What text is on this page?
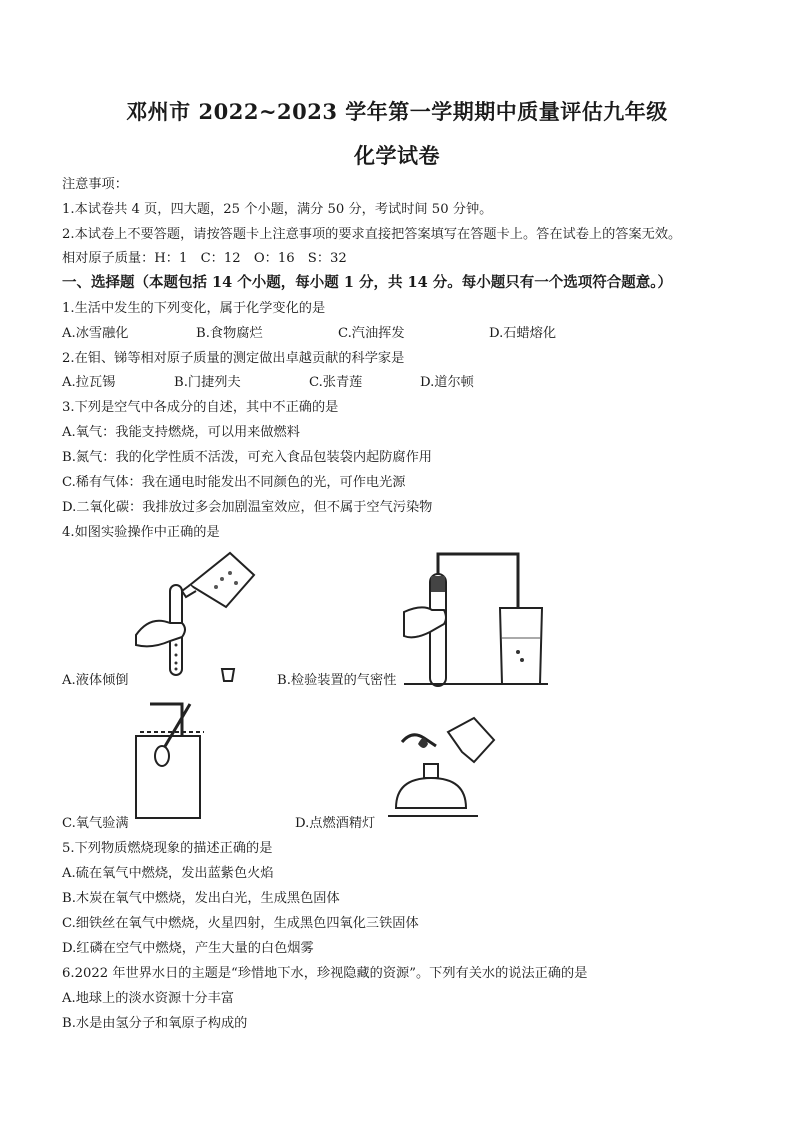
邓州市 2022~2023 学年第一学期期中质量评估九年级
化学试卷
注意事项：
1.本试卷共 4 页，四大题，25 个小题，满分 50 分，考试时间 50 分钟。
2.本试卷上不要答题，请按答题卡上注意事项的要求直接把答案填写在答题卡上。答在试卷上的答案无效。
相对原子质量：H：1　C：12　O：16　S：32
一、选择题（本题包括 14 个小题，每小题 1 分，共 14 分。每小题只有一个选项符合题意。）
1.生活中发生的下列变化，属于化学变化的是
A.冰雪融化	B.食物腐烂	C.汽油挥发	D.石蜡熔化
2.在钼、锑等相对原子质量的测定做出卓越贡献的科学家是
A.拉瓦锡	B.门捷列夫	C.张青莲	D.道尔顿
3.下列是空气中各成分的自述，其中不正确的是
A.氧气：我能支持燃烧，可以用来做燃料
B.氮气：我的化学性质不活泼，可充入食品包装袋内起防腐作用
C.稀有气体：我在通电时能发出不同颜色的光，可作电光源
D.二氧化碳：我排放过多会加剧温室效应，但不属于空气污染物
4.如图实验操作中正确的是
A.液体倾倒	B.检验装置的气密性
C.氧气验满	D.点燃酒精灯
5.下列物质燃烧现象的描述正确的是
A.硫在氧气中燃烧，发出蓝紫色火焰
B.木炭在氧气中燃烧，发出白光，生成黑色固体
C.细铁丝在氧气中燃烧，火星四射，生成黑色四氧化三铁固体
D.红磷在空气中燃烧，产生大量的白色烟雾
6.2022 年世界水日的主题是“珍惜地下水，珍视隐藏的资源”。下列有关水的说法正确的是
A.地球上的淡水资源十分丰富
B.水是由氢分子和氧原子构成的
